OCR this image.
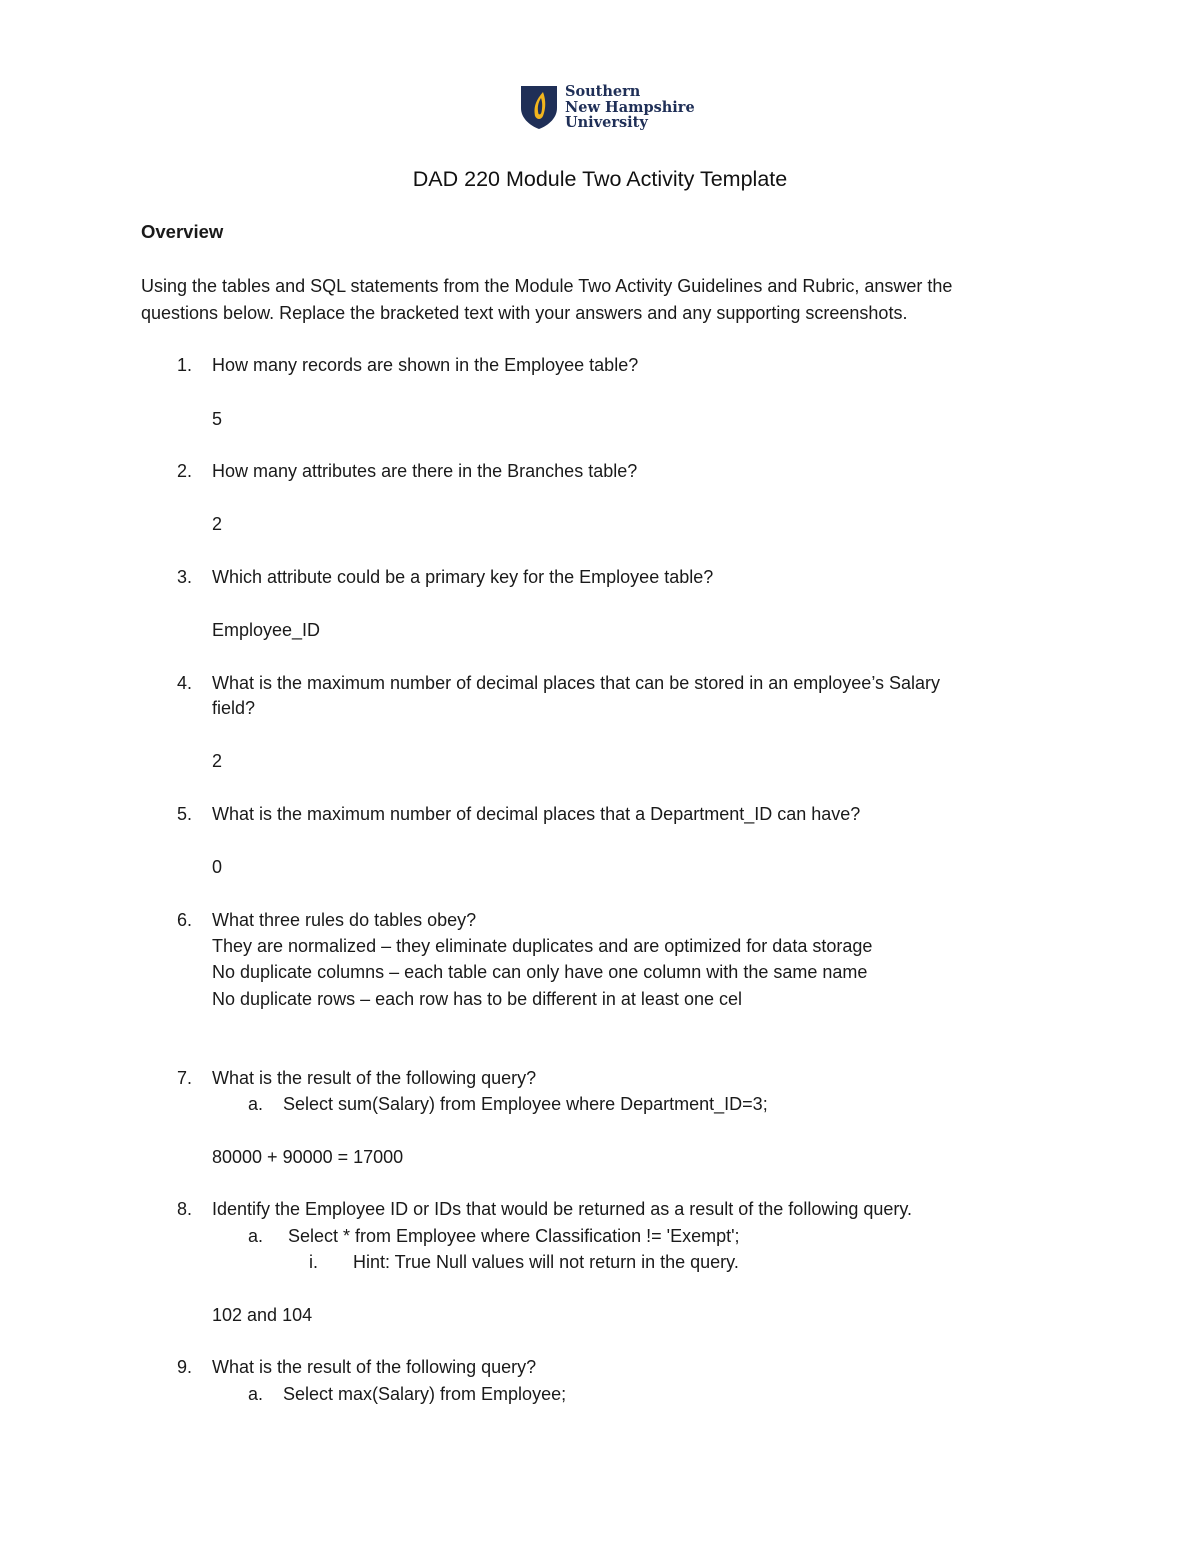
Southern
New Hampshire
University
DAD 220 Module Two Activity Template
Overview
Using the tables and SQL statements from the Module Two Activity Guidelines and Rubric, answer the
questions below. Replace the bracketed text with your answers and any supporting screenshots.
1. How many records are shown in the Employee table?
5
2. How many attributes are there in the Branches table?
2
3. Which attribute could be a primary key for the Employee table?
Employee_ID
4. What is the maximum number of decimal places that can be stored in an employee’s Salary
field?
2
5. What is the maximum number of decimal places that a Department_ID can have?
0
6. What three rules do tables obey?
They are normalized – they eliminate duplicates and are optimized for data storage
No duplicate columns – each table can only have one column with the same name
No duplicate rows – each row has to be different in at least one cel
7. What is the result of the following query?
a. Select sum(Salary) from Employee where Department_ID=3;
80000 + 90000 = 17000
8. Identify the Employee ID or IDs that would be returned as a result of the following query.
a. Select * from Employee where Classification != 'Exempt';
i. Hint: True Null values will not return in the query.
102 and 104
9. What is the result of the following query?
a. Select max(Salary) from Employee;
